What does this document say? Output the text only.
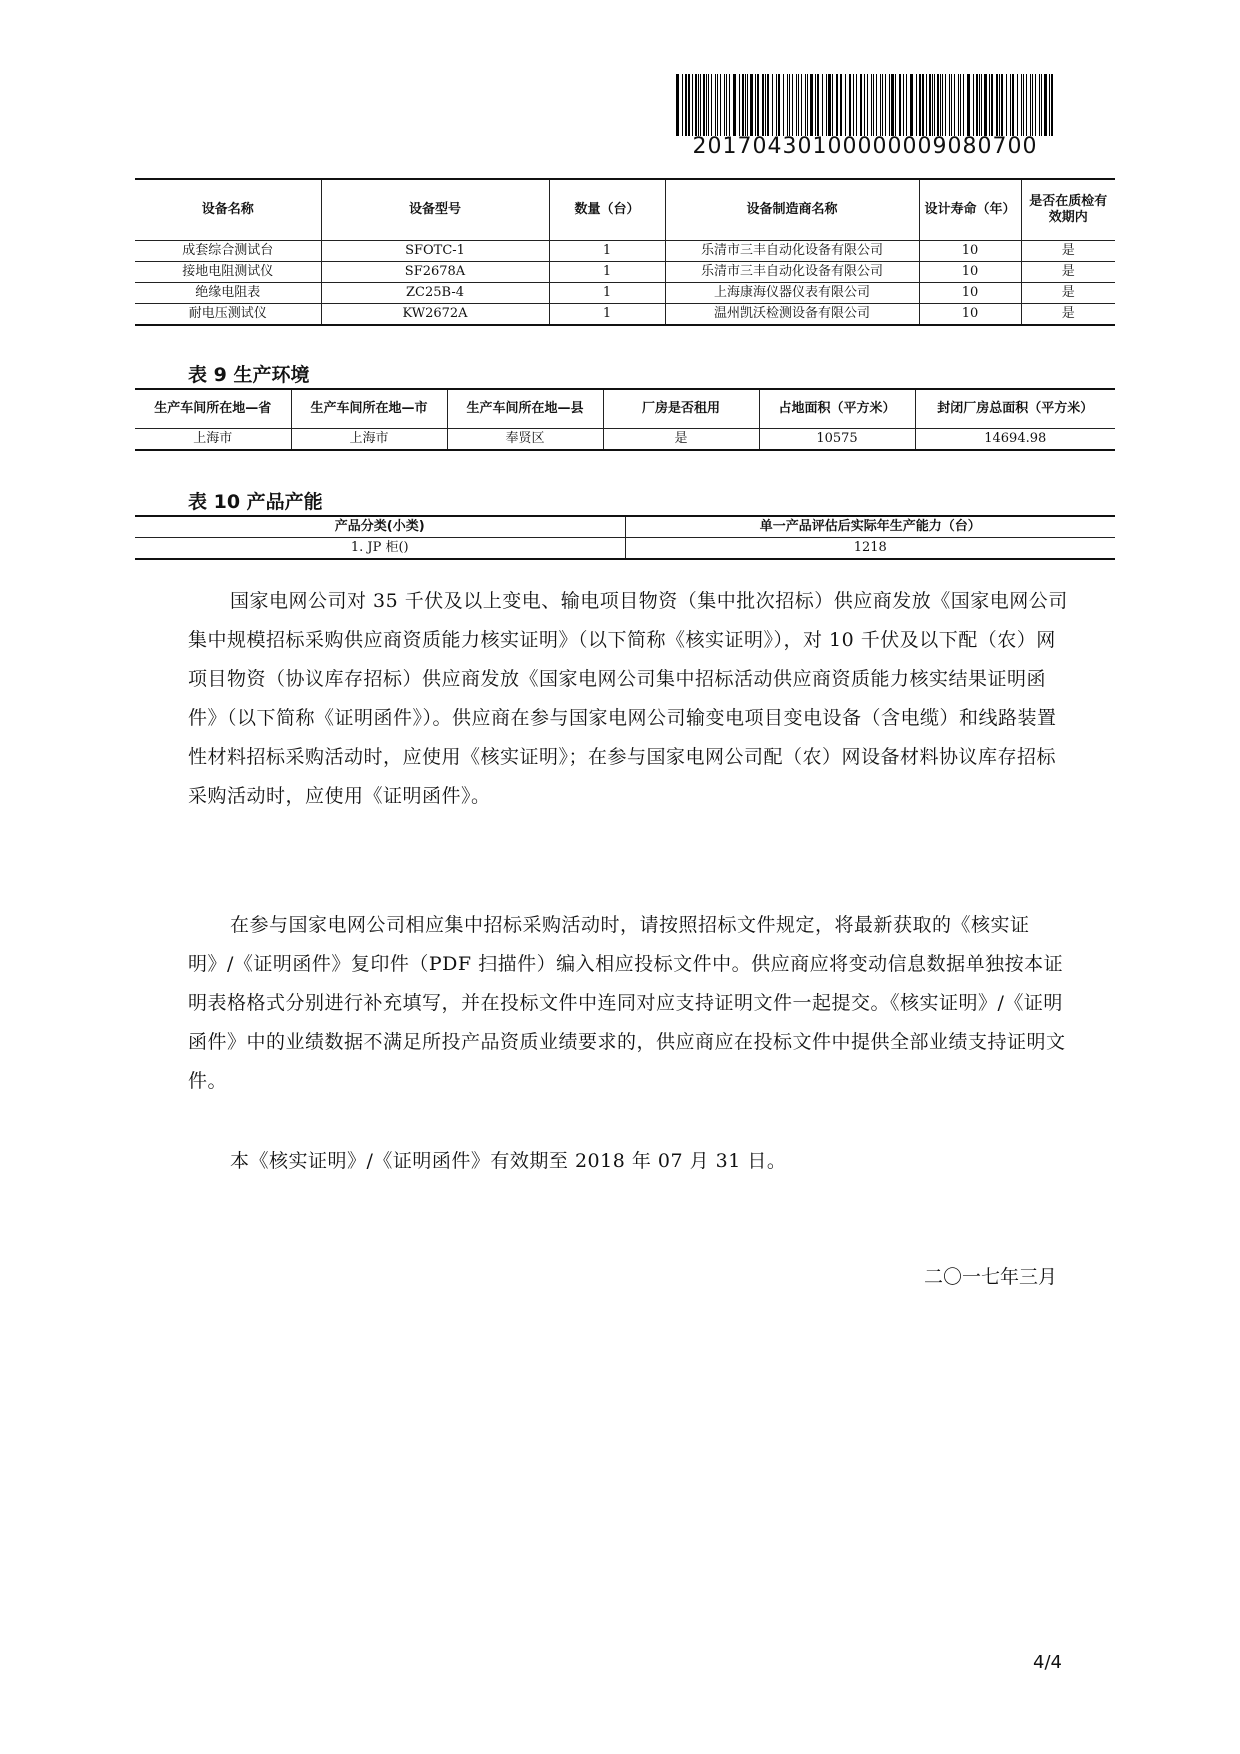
20170430100000009080700
设备名称	设备型号	数量（台）	设备制造商名称	设计寿命（年）	是否在质检有效期内
成套综合测试台	SFOTC-1	1	乐清市三丰自动化设备有限公司	10	是
接地电阻测试仪	SF2678A	1	乐清市三丰自动化设备有限公司	10	是
绝缘电阻表	ZC25B-4	1	上海康海仪器仪表有限公司	10	是
耐电压测试仪	KW2672A	1	温州凯沃检测设备有限公司	10	是
表 9 生产环境
生产车间所在地—省	生产车间所在地—市	生产车间所在地—县	厂房是否租用	占地面积（平方米）	封闭厂房总面积（平方米）
上海市	上海市	奉贤区	是	10575	14694.98
表 10 产品产能
产品分类(小类)	单一产品评估后实际年生产能力（台）
1. JP 柜()	1218

国家电网公司对 35 千伏及以上变电、输电项目物资（集中批次招标）供应商发放《国家电网公司集中规模招标采购供应商资质能力核实证明》（以下简称《核实证明》），对 10 千伏及以下配（农）网项目物资（协议库存招标）供应商发放《国家电网公司集中招标活动供应商资质能力核实结果证明函件》（以下简称《证明函件》）。供应商在参与国家电网公司输变电项目变电设备（含电缆）和线路装置性材料招标采购活动时，应使用《核实证明》；在参与国家电网公司配（农）网设备材料协议库存招标采购活动时，应使用《证明函件》。

在参与国家电网公司相应集中招标采购活动时，请按照招标文件规定，将最新获取的《核实证明》/《证明函件》复印件（PDF 扫描件）编入相应投标文件中。供应商应将变动信息数据单独按本证明表格格式分别进行补充填写，并在投标文件中连同对应支持证明文件一起提交。《核实证明》/《证明函件》中的业绩数据不满足所投产品资质业绩要求的，供应商应在投标文件中提供全部业绩支持证明文件。

本《核实证明》/《证明函件》有效期至 2018 年 07 月 31 日。

二〇一七年三月
4/4
